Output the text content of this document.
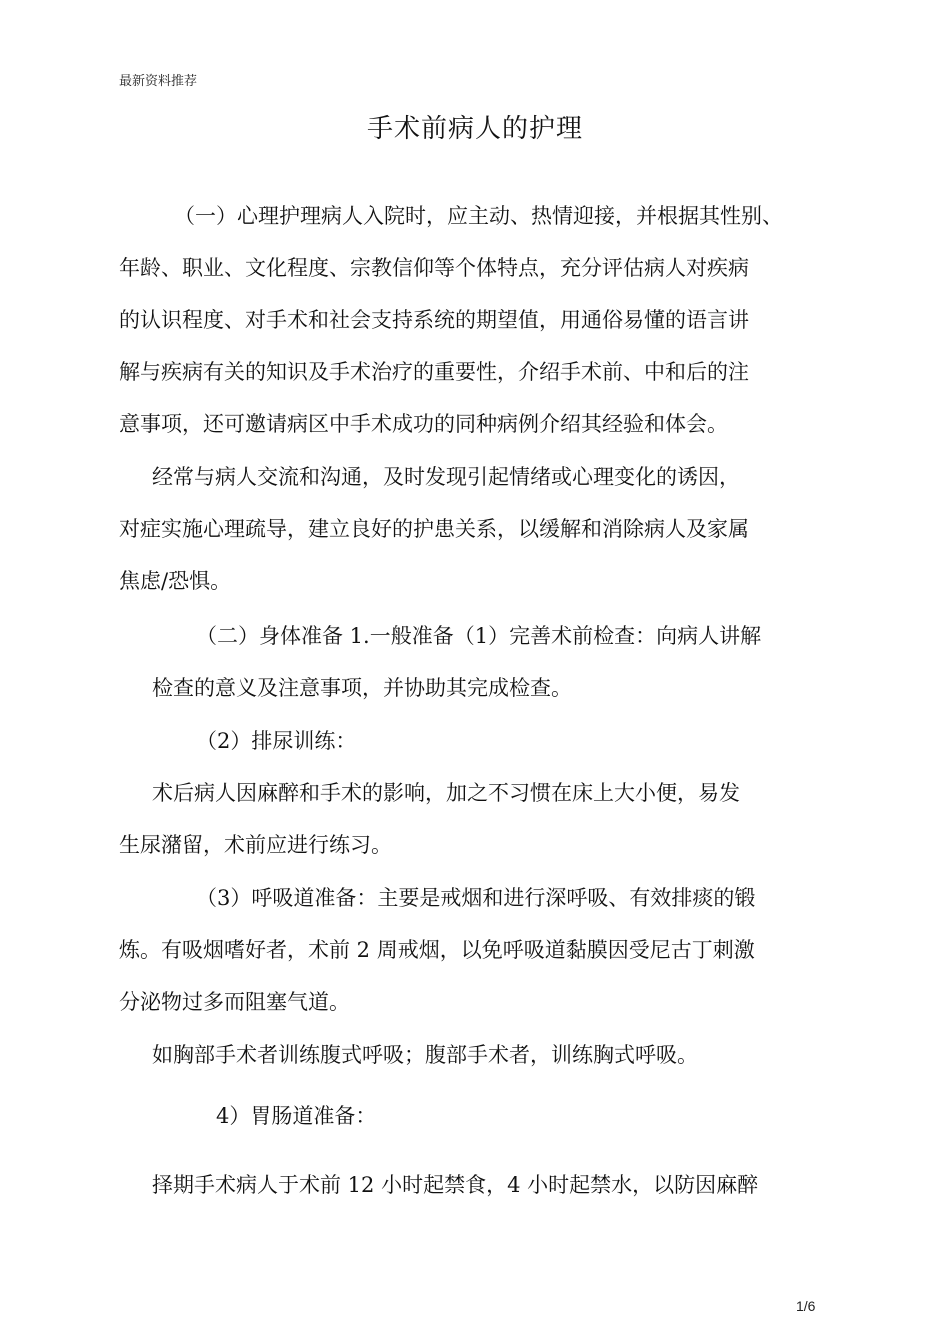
最新资料推荐
手术前病人的护理
（一）心理护理病人入院时，应主动、热情迎接，并根据其性别、
年龄、职业、文化程度、宗教信仰等个体特点，充分评估病人对疾病
的认识程度、对手术和社会支持系统的期望值，用通俗易懂的语言讲
解与疾病有关的知识及手术治疗的重要性，介绍手术前、中和后的注
意事项，还可邀请病区中手术成功的同种病例介绍其经验和体会。
经常与病人交流和沟通，及时发现引起情绪或心理变化的诱因，
对症实施心理疏导，建立良好的护患关系，以缓解和消除病人及家属
焦虑/恐惧。
（二）身体准备 1.一般准备（1）完善术前检查：向病人讲解
检查的意义及注意事项，并协助其完成检查。
（2）排尿训练：
术后病人因麻醉和手术的影响，加之不习惯在床上大小便，易发
生尿潴留，术前应进行练习。
（3）呼吸道准备：主要是戒烟和进行深呼吸、有效排痰的锻
炼。有吸烟嗜好者，术前 2 周戒烟，以免呼吸道黏膜因受尼古丁刺激
分泌物过多而阻塞气道。
如胸部手术者训练腹式呼吸；腹部手术者，训练胸式呼吸。
4）胃肠道准备：
择期手术病人于术前 12 小时起禁食，4 小时起禁水，以防因麻醉
1/6
